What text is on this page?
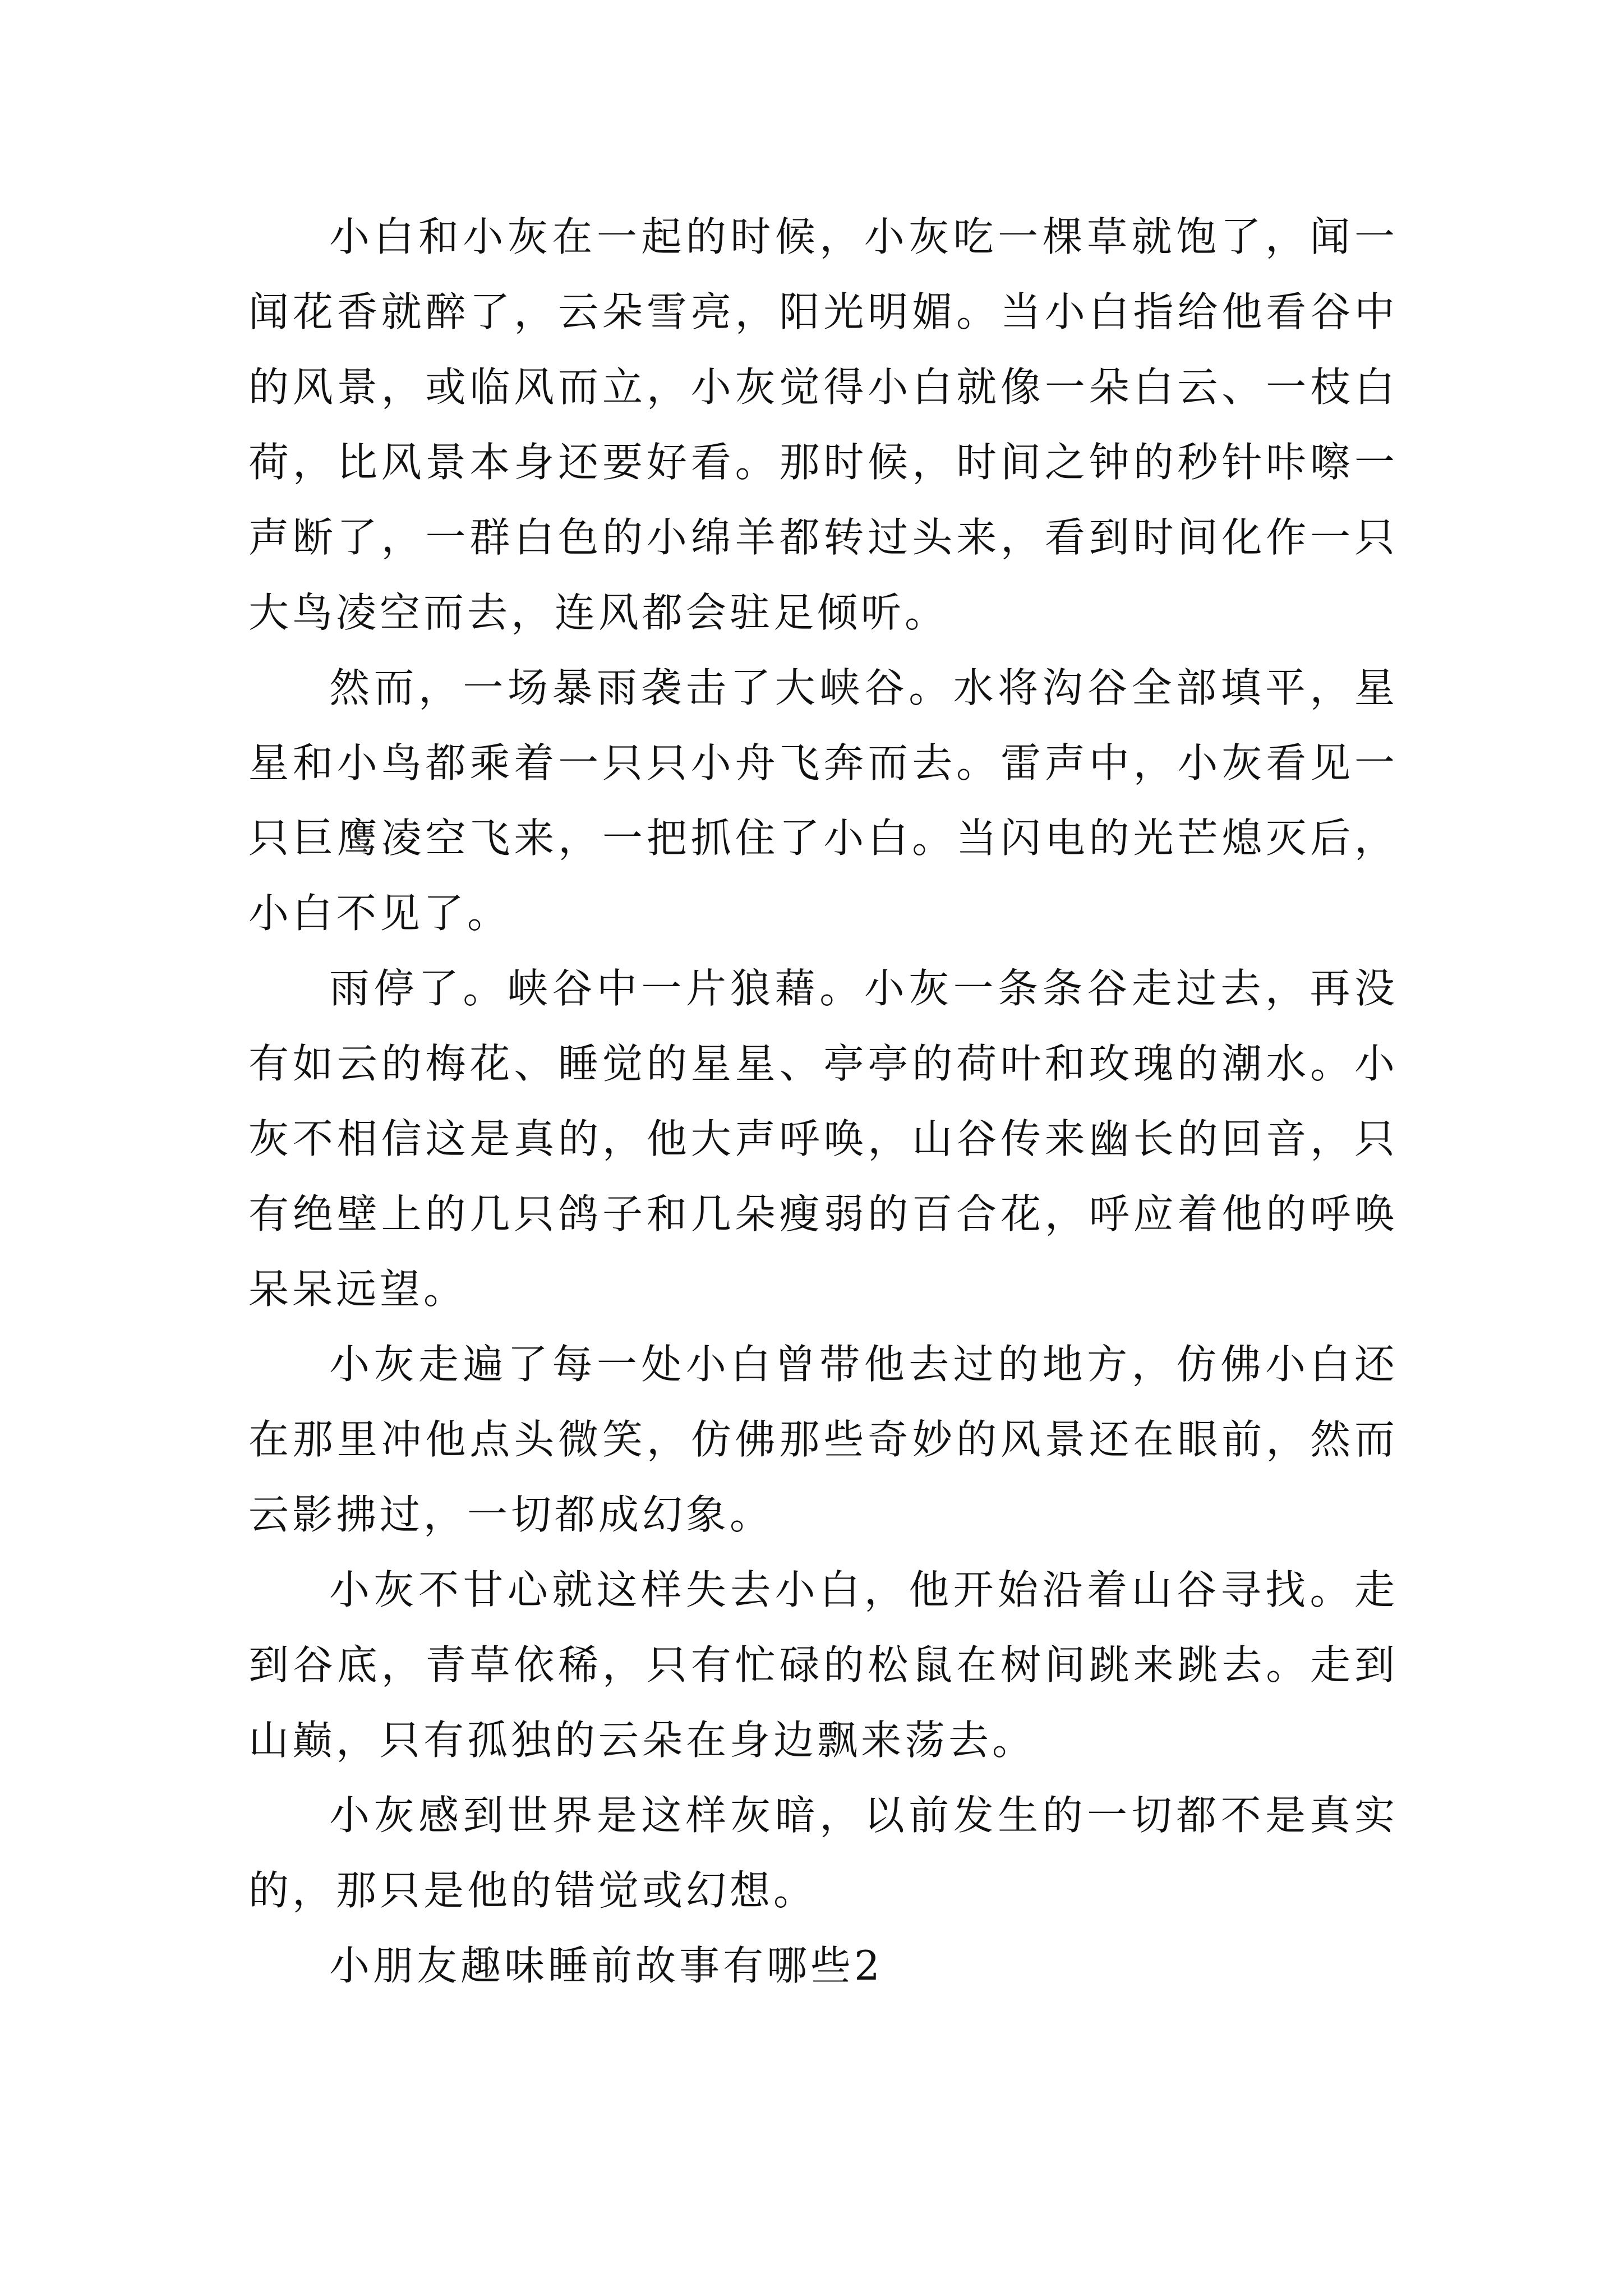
小白和小灰在一起的时候，小灰吃一棵草就饱了，闻一闻花香就醉了，云朵雪亮，阳光明媚。当小白指给他看谷中的风景，或临风而立，小灰觉得小白就像一朵白云、一枝白荷，比风景本身还要好看。那时候，时间之钟的秒针咔嚓一声断了，一群白色的小绵羊都转过头来，看到时间化作一只大鸟凌空而去，连风都会驻足倾听。

然而，一场暴雨袭击了大峡谷。水将沟谷全部填平，星星和小鸟都乘着一只只小舟飞奔而去。雷声中，小灰看见一只巨鹰凌空飞来，一把抓住了小白。当闪电的光芒熄灭后，小白不见了。

雨停了。峡谷中一片狼藉。小灰一条条谷走过去，再没有如云的梅花、睡觉的星星、亭亭的荷叶和玫瑰的潮水。小灰不相信这是真的，他大声呼唤，山谷传来幽长的回音，只有绝壁上的几只鸽子和几朵瘦弱的百合花，呼应着他的呼唤呆呆远望。

小灰走遍了每一处小白曾带他去过的地方，仿佛小白还在那里冲他点头微笑，仿佛那些奇妙的风景还在眼前，然而云影拂过，一切都成幻象。

小灰不甘心就这样失去小白，他开始沿着山谷寻找。走到谷底，青草依稀，只有忙碌的松鼠在树间跳来跳去。走到山巅，只有孤独的云朵在身边飘来荡去。

小灰感到世界是这样灰暗，以前发生的一切都不是真实的，那只是他的错觉或幻想。

小朋友趣味睡前故事有哪些2
